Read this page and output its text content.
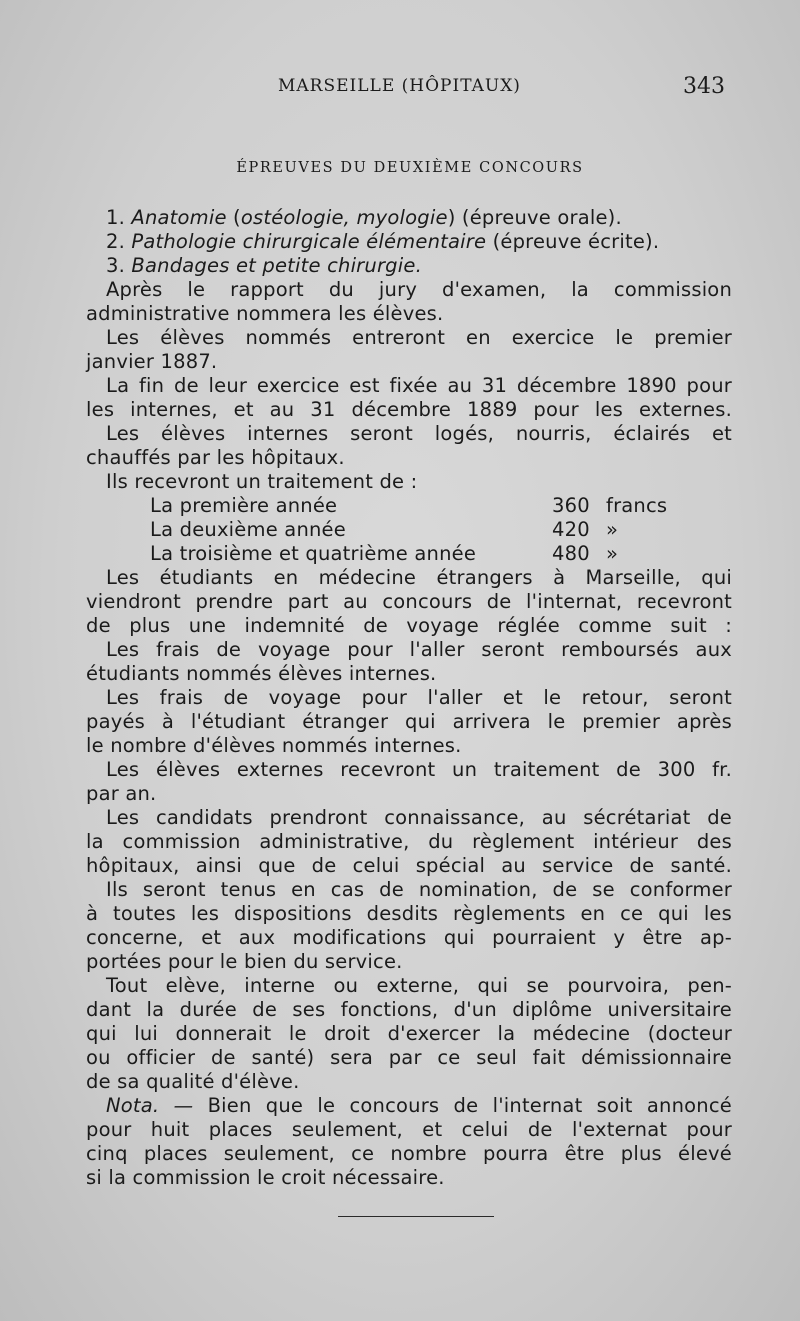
MARSEILLE (HÔPITAUX)	343
ÉPREUVES DU DEUXIÈME CONCOURS
1. Anatomie (ostéologie, myologie) (épreuve orale).
2. Pathologie chirurgicale élémentaire (épreuve écrite).
3. Bandages et petite chirurgie.
Après le rapport du jury d'examen, la commission
administrative nommera les élèves.
Les élèves nommés entreront en exercice le premier
janvier 1887.
La fin de leur exercice est fixée au 31 décembre 1890 pour
les internes, et au 31 décembre 1889 pour les externes.
Les élèves internes seront logés, nourris, éclairés et
chauffés par les hôpitaux.
Ils recevront un traitement de :
La première année	360 francs
La deuxième année	420 »
La troisième et quatrième année	480 »
Les étudiants en médecine étrangers à Marseille, qui
viendront prendre part au concours de l'internat, recevront
de plus une indemnité de voyage réglée comme suit :
Les frais de voyage pour l'aller seront remboursés aux
étudiants nommés élèves internes.
Les frais de voyage pour l'aller et le retour, seront
payés à l'étudiant étranger qui arrivera le premier après
le nombre d'élèves nommés internes.
Les élèves externes recevront un traitement de 300 fr.
par an.
Les candidats prendront connaissance, au sécrétariat de
la commission administrative, du règlement intérieur des
hôpitaux, ainsi que de celui spécial au service de santé.
Ils seront tenus en cas de nomination, de se conformer
à toutes les dispositions desdits règlements en ce qui les
concerne, et aux modifications qui pourraient y être ap-
portées pour le bien du service.
Tout elève, interne ou externe, qui se pourvoira, pen-
dant la durée de ses fonctions, d'un diplôme universitaire
qui lui donnerait le droit d'exercer la médecine (docteur
ou officier de santé) sera par ce seul fait démissionnaire
de sa qualité d'élève.
Nota. — Bien que le concours de l'internat soit annoncé
pour huit places seulement, et celui de l'externat pour
cinq places seulement, ce nombre pourra être plus élevé
si la commission le croit nécessaire.
